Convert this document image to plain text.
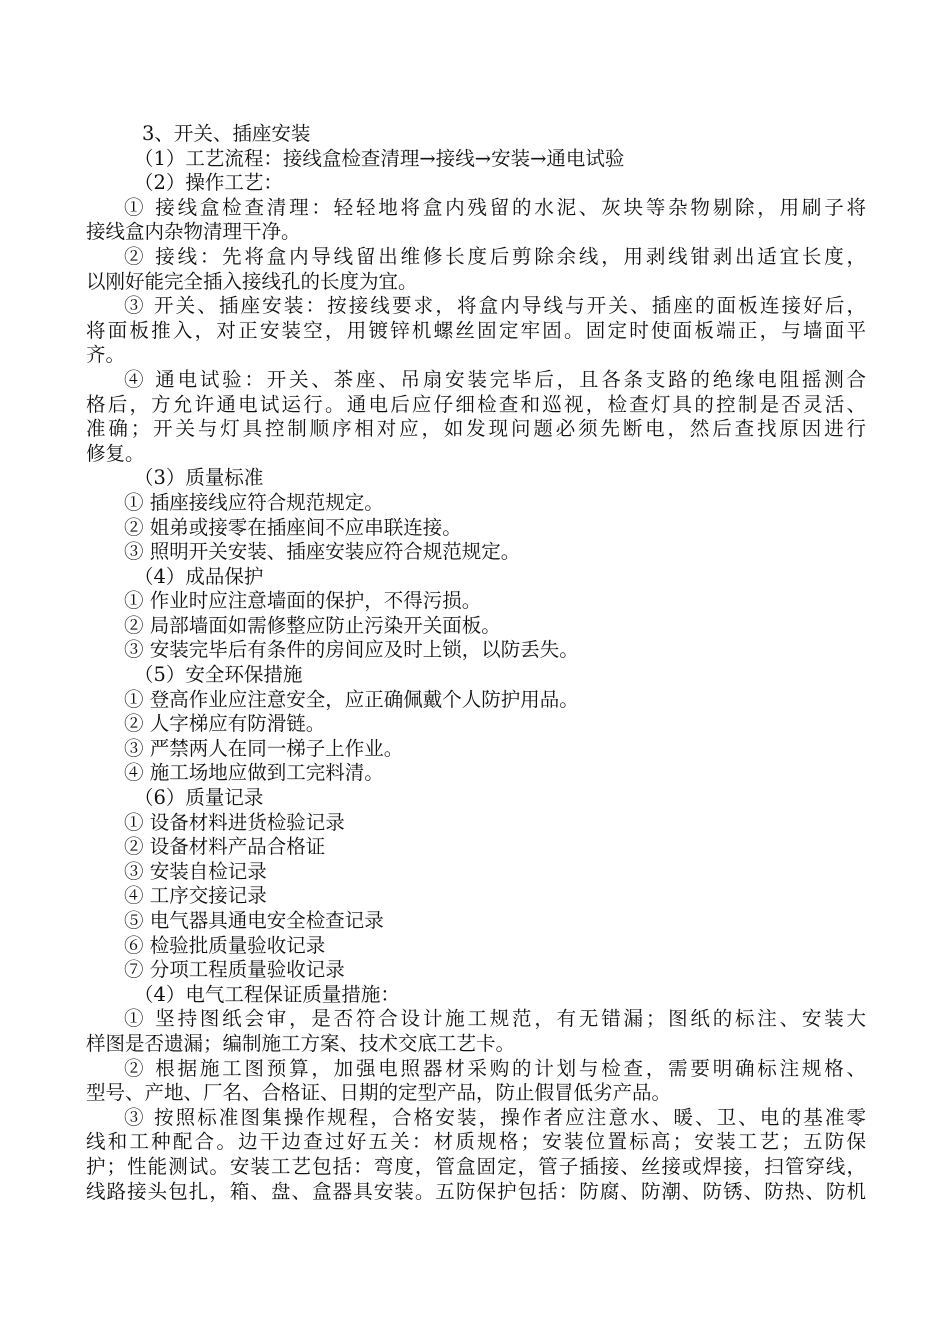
3、开关、插座安装
（1）工艺流程：接线盒检查清理→接线→安装→通电试验
（2）操作工艺：
① 接线盒检查清理：轻轻地将盒内残留的水泥、灰块等杂物剔除，用刷子将
接线盒内杂物清理干净。
② 接线：先将盒内导线留出维修长度后剪除余线，用剥线钳剥出适宜长度，
以刚好能完全插入接线孔的长度为宜。
③ 开关、插座安装：按接线要求，将盒内导线与开关、插座的面板连接好后，
将面板推入，对正安装空，用镀锌机螺丝固定牢固。固定时使面板端正，与墙面平
齐。
④ 通电试验：开关、茶座、吊扇安装完毕后，且各条支路的绝缘电阻摇测合
格后，方允许通电试运行。通电后应仔细检查和巡视，检查灯具的控制是否灵活、
准确；开关与灯具控制顺序相对应，如发现问题必须先断电，然后查找原因进行
修复。
（3）质量标准
① 插座接线应符合规范规定。
② 姐弟或接零在插座间不应串联连接。
③ 照明开关安装、插座安装应符合规范规定。
（4）成品保护
① 作业时应注意墙面的保护，不得污损。
② 局部墙面如需修整应防止污染开关面板。
③ 安装完毕后有条件的房间应及时上锁，以防丢失。
（5）安全环保措施
① 登高作业应注意安全，应正确佩戴个人防护用品。
② 人字梯应有防滑链。
③ 严禁两人在同一梯子上作业。
④ 施工场地应做到工完料清。
（6）质量记录
① 设备材料进货检验记录
② 设备材料产品合格证
③ 安装自检记录
④ 工序交接记录
⑤ 电气器具通电安全检查记录
⑥ 检验批质量验收记录
⑦ 分项工程质量验收记录
（4）电气工程保证质量措施：
① 坚持图纸会审，是否符合设计施工规范，有无错漏；图纸的标注、安装大
样图是否遗漏；编制施工方案、技术交底工艺卡。
② 根据施工图预算，加强电照器材采购的计划与检查，需要明确标注规格、
型号、产地、厂名、合格证、日期的定型产品，防止假冒低劣产品。
③ 按照标准图集操作规程，合格安装，操作者应注意水、暖、卫、电的基准零
线和工种配合。边干边查过好五关：材质规格；安装位置标高；安装工艺；五防保
护；性能测试。安装工艺包括：弯度，管盒固定，管子插接、丝接或焊接，扫管穿线，
线路接头包扎，箱、盘、盒器具安装。五防保护包括：防腐、防潮、防锈、防热、防机
